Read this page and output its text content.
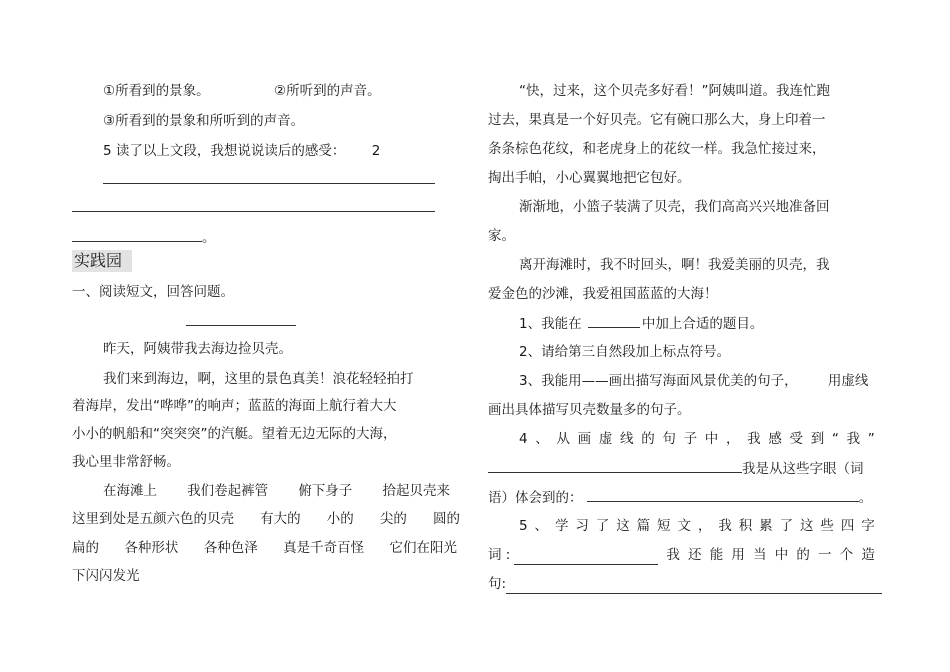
①所看到的景象。	②所听到的声音。
③所看到的景象和所听到的声音。
5 读了以上文段，我想说说读后的感受： 2
。
实践园
一、阅读短文，回答问题。
昨天，阿姨带我去海边捡贝壳。
我们来到海边，啊，这里的景色真美！浪花轻轻拍打
着海岸，发出“哗哗”的响声；蓝蓝的海面上航行着大大
小小的帆船和“突突突”的汽艇。望着无边无际的大海，
我心里非常舒畅。
在海滩上 我们卷起裤管 俯下身子 拾起贝壳来
这里到处是五颜六色的贝壳 有大的 小的 尖的 圆的
扁的 各种形状 各种色泽 真是千奇百怪 它们在阳光
下闪闪发光
“快，过来，这个贝壳多好看！”阿姨叫道。我连忙跑
过去，果真是一个好贝壳。它有碗口那么大，身上印着一
条条棕色花纹，和老虎身上的花纹一样。我急忙接过来，
掏出手帕，小心翼翼地把它包好。
渐渐地，小篮子装满了贝壳，我们高高兴兴地准备回
家。
离开海滩时，我不时回头，啊！我爱美丽的贝壳，我
爱金色的沙滩，我爱祖国蓝蓝的大海！
1、我能在	中加上合适的题目。
2、请给第三自然段加上标点符号。
3、我能用——画出描写海面风景优美的句子， 用虚线
画出具体描写贝壳数量多的句子。
4 、 从 画 虚 线 的 句 子 中 ， 我 感 受 到 “ 我 ”
我是从这些字眼（词
语）体会到的：	。
5 、 学 习 了 这 篇 短 文 ， 我 积 累 了 这 些 四 字
词 :	我 还 能 用 当 中 的 一 个 造
句:
